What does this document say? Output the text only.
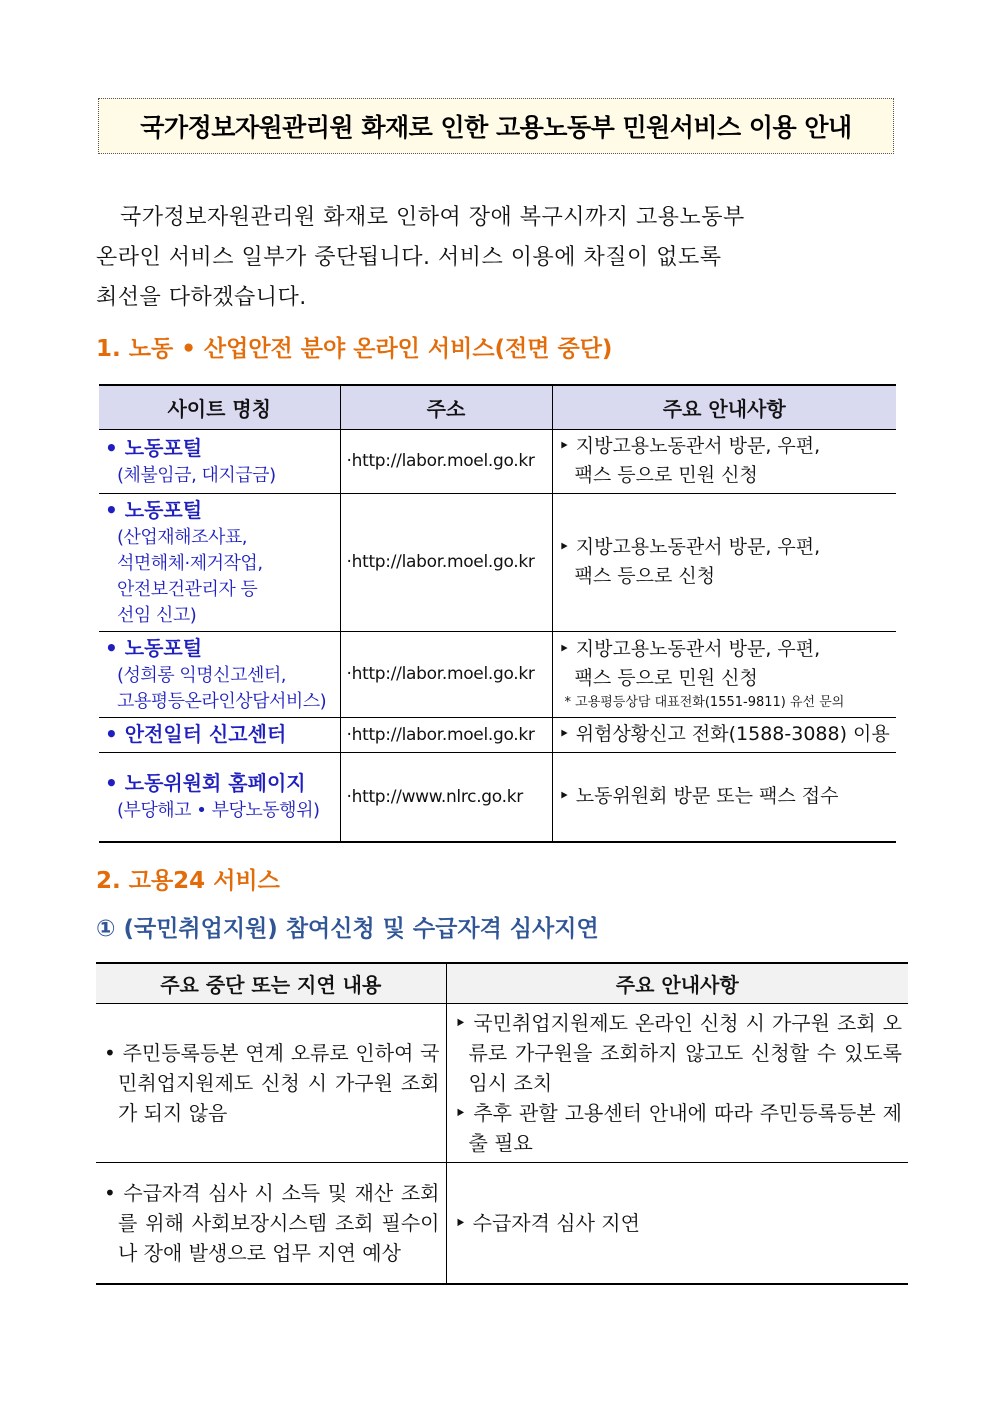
국가정보자원관리원 화재로 인한 고용노동부 민원서비스 이용 안내
국가정보자원관리원 화재로 인하여 장애 복구시까지 고용노동부
온라인 서비스 일부가 중단됩니다. 서비스 이용에 차질이 없도록
최선을 다하겠습니다.
1. 노동 • 산업안전 분야 온라인 서비스(전면 중단)
사이트 명칭	주소	주요 안내사항

• 노동포털
(체불임금, 대지급금)	·http://labor.moel.go.kr	‣ 지방고용노동관서 방문, 우편,
팩스 등으로 민원 신청

• 노동포털
(산업재해조사표,
석면해체·제거작업,
안전보건관리자 등
선임 신고)	·http://labor.moel.go.kr	‣ 지방고용노동관서 방문, 우편,
팩스 등으로 신청

• 노동포털
(성희롱 익명신고센터,
고용평등온라인상담서비스)	·http://labor.moel.go.kr	‣ 지방고용노동관서 방문, 우편,
팩스 등으로 민원 신청
* 고용평등상담 대표전화(1551-9811) 유선 문의

• 안전일터 신고센터	·http://labor.moel.go.kr	‣ 위험상황신고 전화(1588-3088) 이용

• 노동위원회 홈페이지
(부당해고 • 부당노동행위)	·http://www.nlrc.go.kr	‣ 노동위원회 방문 또는 팩스 접수
2. 고용24 서비스
① (국민취업지원) 참여신청 및 수급자격 심사지연
주요 중단 또는 지연 내용	주요 안내사항

• 주민등록등본 연계 오류로 인하여 국민취업지원제도 신청 시 가구원 조회가 되지 않음	‣ 국민취업지원제도 온라인 신청 시 가구원 조회 오류로 가구원을 조회하지 않고도 신청할 수 있도록 임시 조치
‣ 추후 관할 고용센터 안내에 따라 주민등록등본 제출 필요

• 수급자격 심사 시 소득 및 재산 조회를 위해 사회보장시스템 조회 필수이나 장애 발생으로 업무 지연 예상	‣ 수급자격 심사 지연
